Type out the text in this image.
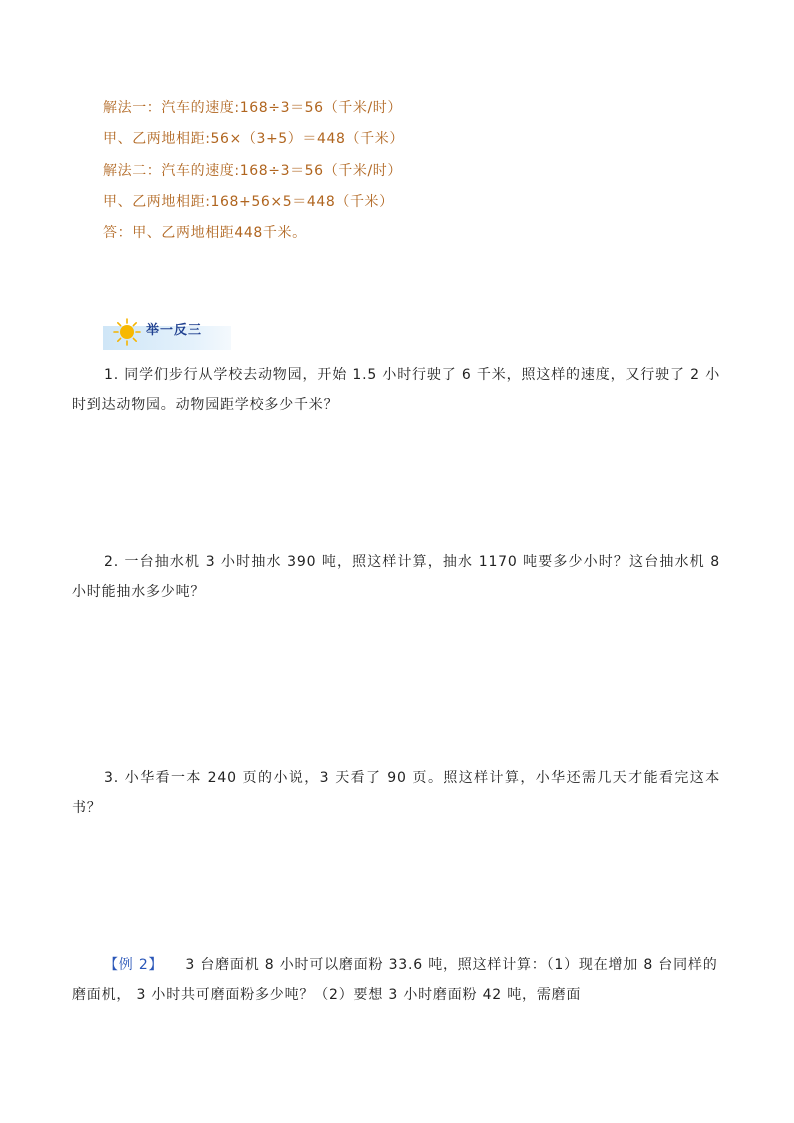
解法一：汽车的速度:168÷3＝56（千米/时）
甲、乙两地相距:56×（3+5）＝448（千米）
解法二：汽车的速度:168÷3＝56（千米/时）
甲、乙两地相距:168+56×5＝448（千米）
答：甲、乙两地相距448千米。
举一反三
1. 同学们步行从学校去动物园，开始 1.5 小时行驶了 6 千米，照这样的速度，又行驶了 2 小时到达动物园。动物园距学校多少千米？
2. 一台抽水机 3 小时抽水 390 吨，照这样计算，抽水 1170 吨要多少小时？这台抽水机 8 小时能抽水多少吨？
3. 小华看一本 240 页的小说，3 天看了 90 页。照这样计算，小华还需几天才能看完这本书？
【例 2】 3 台磨面机 8 小时可以磨面粉 33.6 吨，照这样计算：（1）现在增加 8 台同样的磨面机， 3 小时共可磨面粉多少吨？（2）要想 3 小时磨面粉 42 吨，需磨面
